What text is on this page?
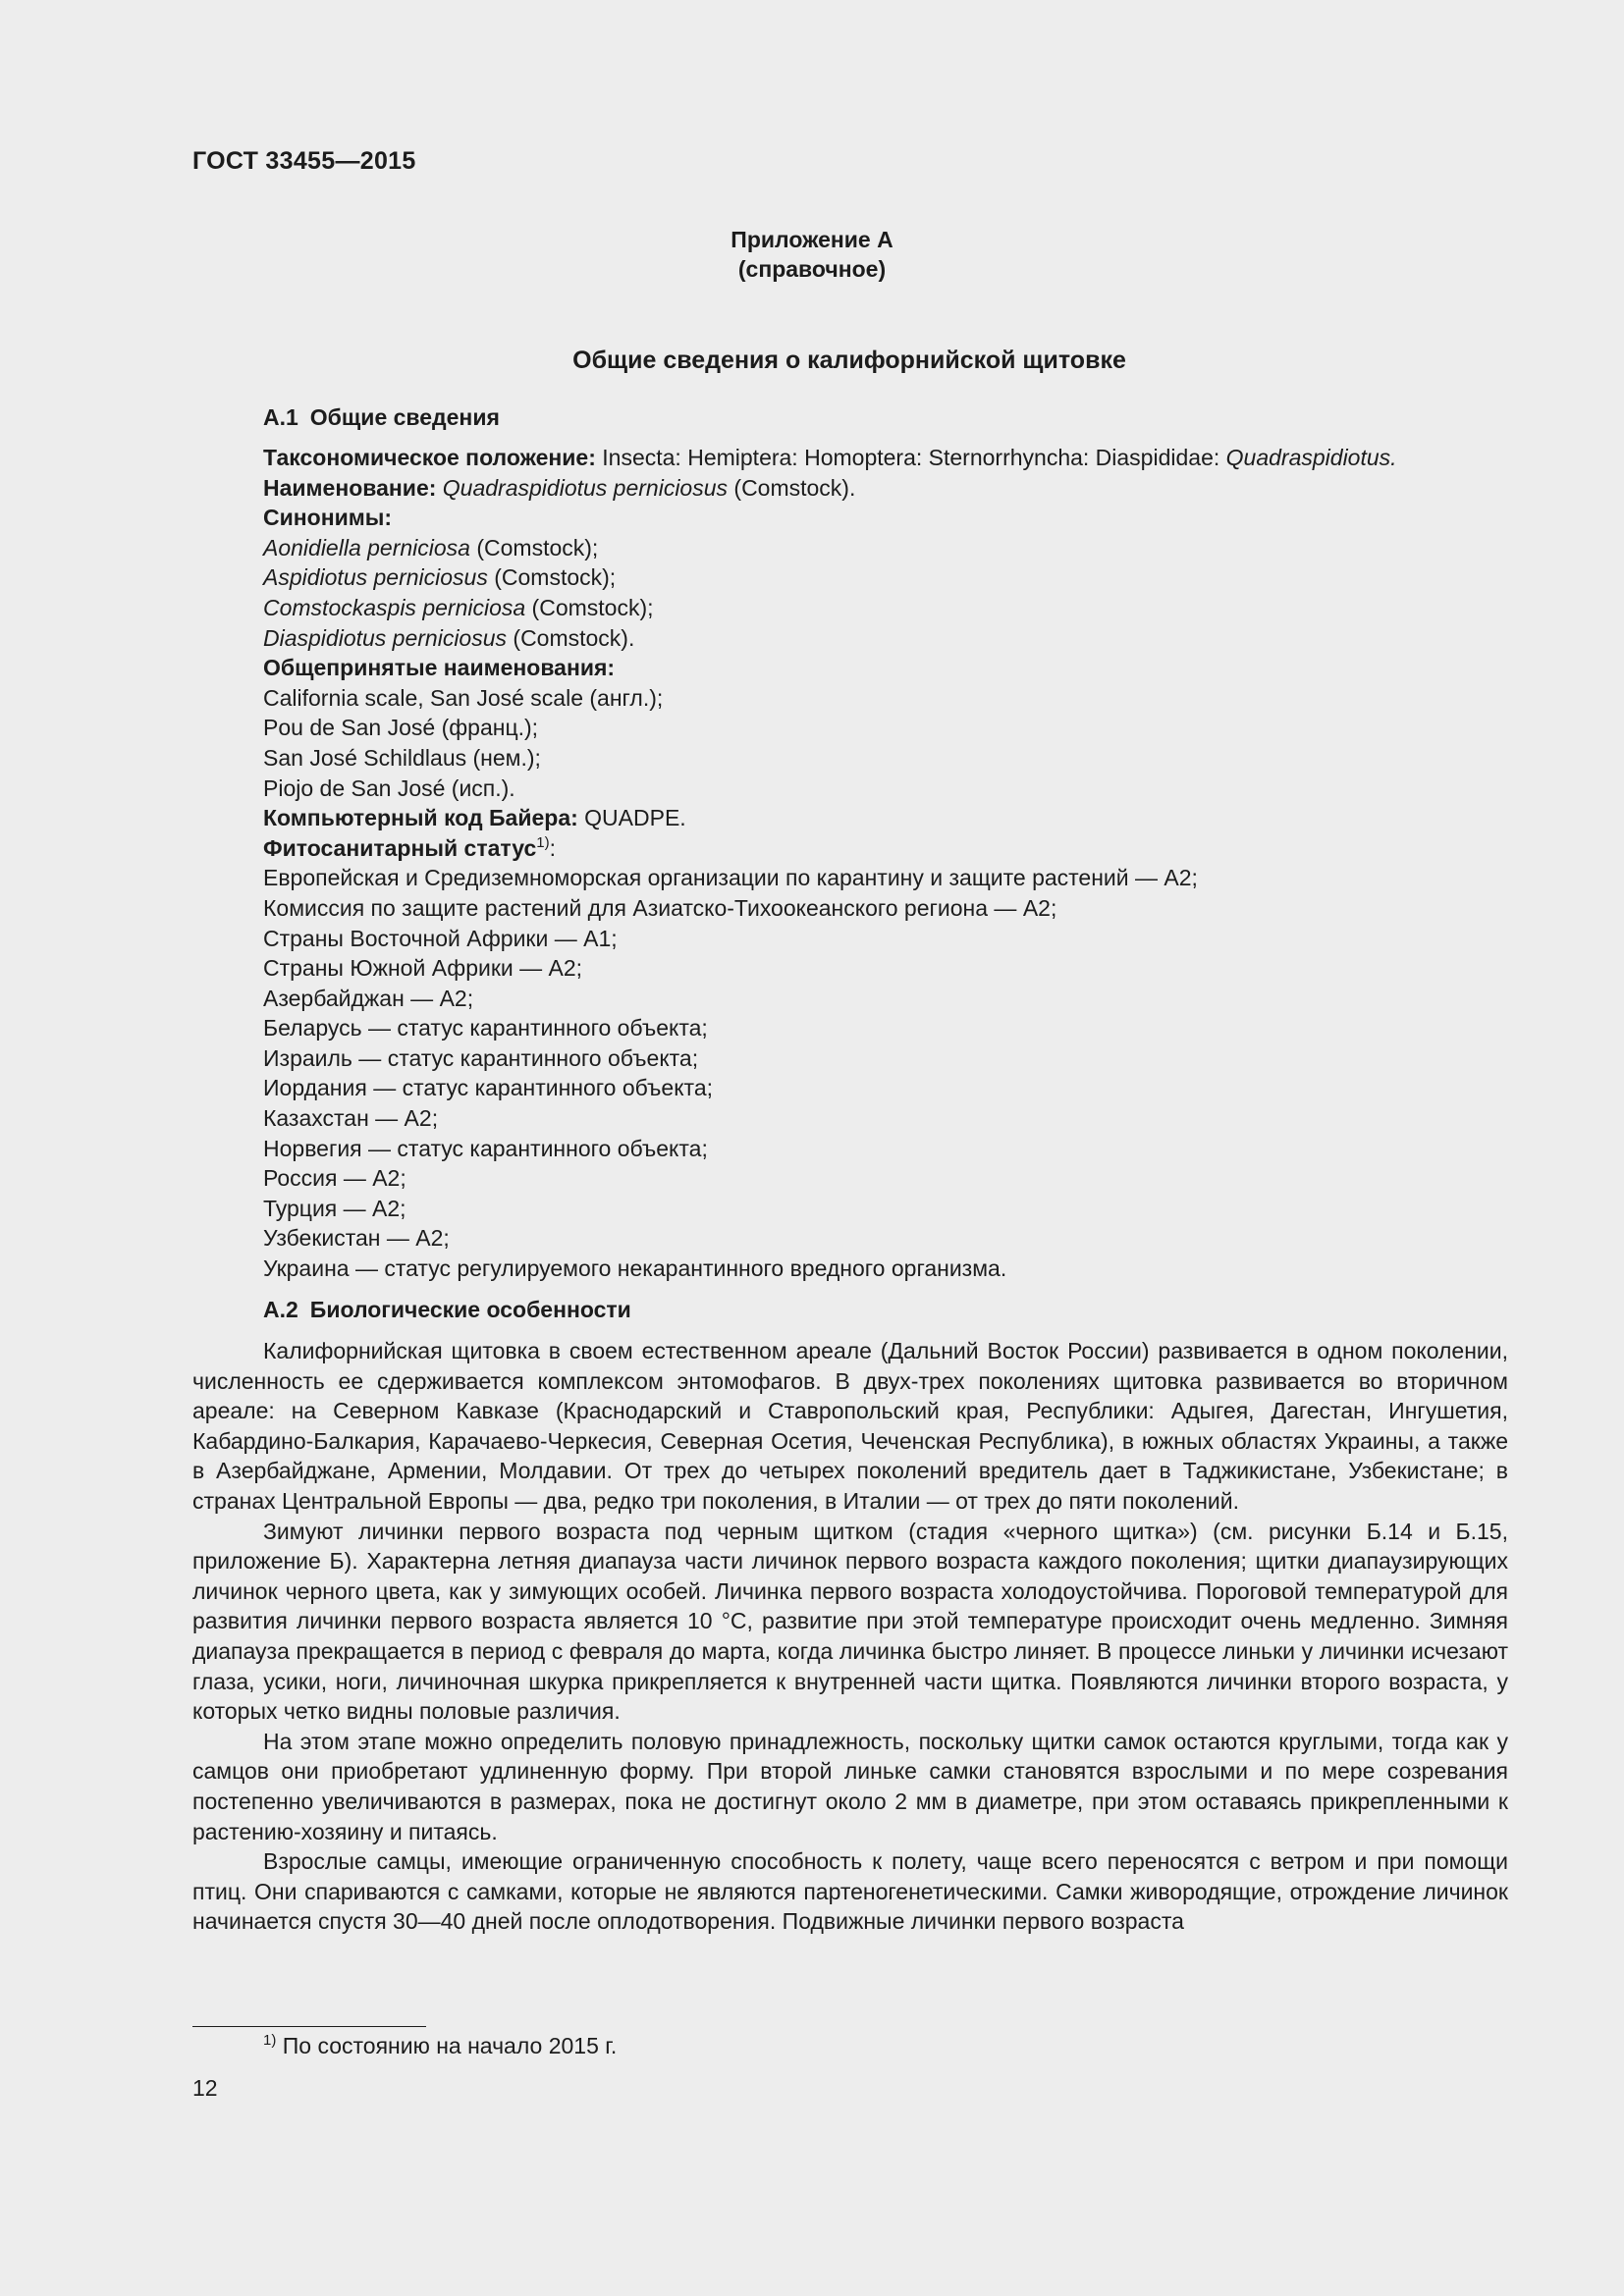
ГОСТ 33455—2015
Приложение А
(справочное)
Общие сведения о калифорнийской щитовке
А.1 Общие сведения
Таксономическое положение: Insecta: Hemiptera: Homoptera: Sternorrhyncha: Diaspididae: Quadraspidiotus.
Наименование: Quadraspidiotus perniciosus (Comstock).
Синонимы:
Aonidiella perniciosa (Comstock);
Aspidiotus perniciosus (Comstock);
Comstockaspis perniciosa (Comstock);
Diaspidiotus perniciosus (Comstock).
Общепринятые наименования:
California scale, San José scale (англ.);
Pou de San José (франц.);
San José Schildlaus (нем.);
Piojo de San José (исп.).
Компьютерный код Байера: QUADPE.
Фитосанитарный статус$^{1)}$:
Европейская и Средиземноморская организации по карантину и защите растений — А2;
Комиссия по защите растений для Азиатско-Тихоокеанского региона — А2;
Страны Восточной Африки — А1;
Страны Южной Африки — А2;
Азербайджан — А2;
Беларусь — статус карантинного объекта;
Израиль — статус карантинного объекта;
Иордания — статус карантинного объекта;
Казахстан — А2;
Норвегия — статус карантинного объекта;
Россия — А2;
Турция — А2;
Узбекистан — А2;
Украина — статус регулируемого некарантинного вредного организма.
А.2 Биологические особенности
Калифорнийская щитовка в своем естественном ареале (Дальний Восток России) развивается в одном поколении, численность ее сдерживается комплексом энтомофагов. В двух-трех поколениях щитовка развивается во вторичном ареале: на Северном Кавказе (Краснодарский и Ставропольский края, Республики: Адыгея, Дагестан, Ингушетия, Кабардино-Балкария, Карачаево-Черкесия, Северная Осетия, Чеченская Республика), в южных областях Украины, а также в Азербайджане, Армении, Молдавии. От трех до четырех поколений вредитель дает в Таджикистане, Узбекистане; в странах Центральной Европы — два, редко три поколения, в Италии — от трех до пяти поколений.
Зимуют личинки первого возраста под черным щитком (стадия «черного щитка») (см. рисунки Б.14 и Б.15, приложение Б). Характерна летняя диапауза части личинок первого возраста каждого поколения; щитки диапаузирующих личинок черного цвета, как у зимующих особей. Личинка первого возраста холодоустойчива. Пороговой температурой для развития личинки первого возраста является 10 °С, развитие при этой температуре происходит очень медленно. Зимняя диапауза прекращается в период с февраля до марта, когда личинка быстро линяет. В процессе линьки у личинки исчезают глаза, усики, ноги, личиночная шкурка прикрепляется к внутренней части щитка. Появляются личинки второго возраста, у которых четко видны половые различия.
На этом этапе можно определить половую принадлежность, поскольку щитки самок остаются круглыми, тогда как у самцов они приобретают удлиненную форму. При второй линьке самки становятся взрослыми и по мере созревания постепенно увеличиваются в размерах, пока не достигнут около 2 мм в диаметре, при этом оставаясь прикрепленными к растению-хозяину и питаясь.
Взрослые самцы, имеющие ограниченную способность к полету, чаще всего переносятся с ветром и при помощи птиц. Они спариваются с самками, которые не являются партеногенетическими. Самки живородящие, отрождение личинок начинается спустя 30—40 дней после оплодотворения. Подвижные личинки первого возраста
$^{1)}$ По состоянию на начало 2015 г.
12
